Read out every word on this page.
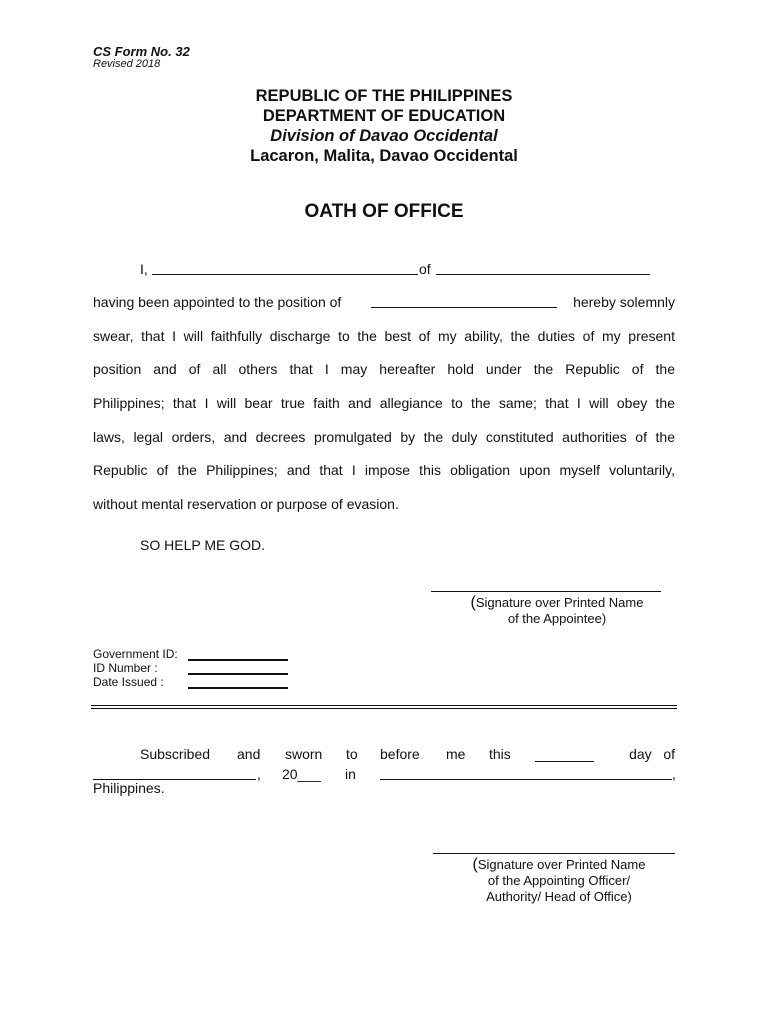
CS Form No. 32
Revised 2018
REPUBLIC OF THE PHILIPPINES
DEPARTMENT OF EDUCATION
Division of Davao Occidental
Lacaron, Malita, Davao Occidental
OATH OF OFFICE
I,	of
having been appointed to the position of	hereby solemnly
swear, that I will faithfully discharge to the best of my ability, the duties of my present
position and of all others that I may hereafter hold under the Republic of the
Philippines; that I will bear true faith and allegiance to the same; that I will obey the
laws, legal orders, and decrees promulgated by the duly constituted authorities of the
Republic of the Philippines; and that I impose this obligation upon myself voluntarily,
without mental reservation or purpose of evasion.
SO HELP ME GOD.
(Signature over Printed Name
of the Appointee)
Government ID:
ID Number :
Date Issued :
Subscribed and sworn to before me this	day   of
, 20___ in	,
Philippines.
(Signature over Printed Name
of the Appointing Officer/
Authority/ Head of Office)
